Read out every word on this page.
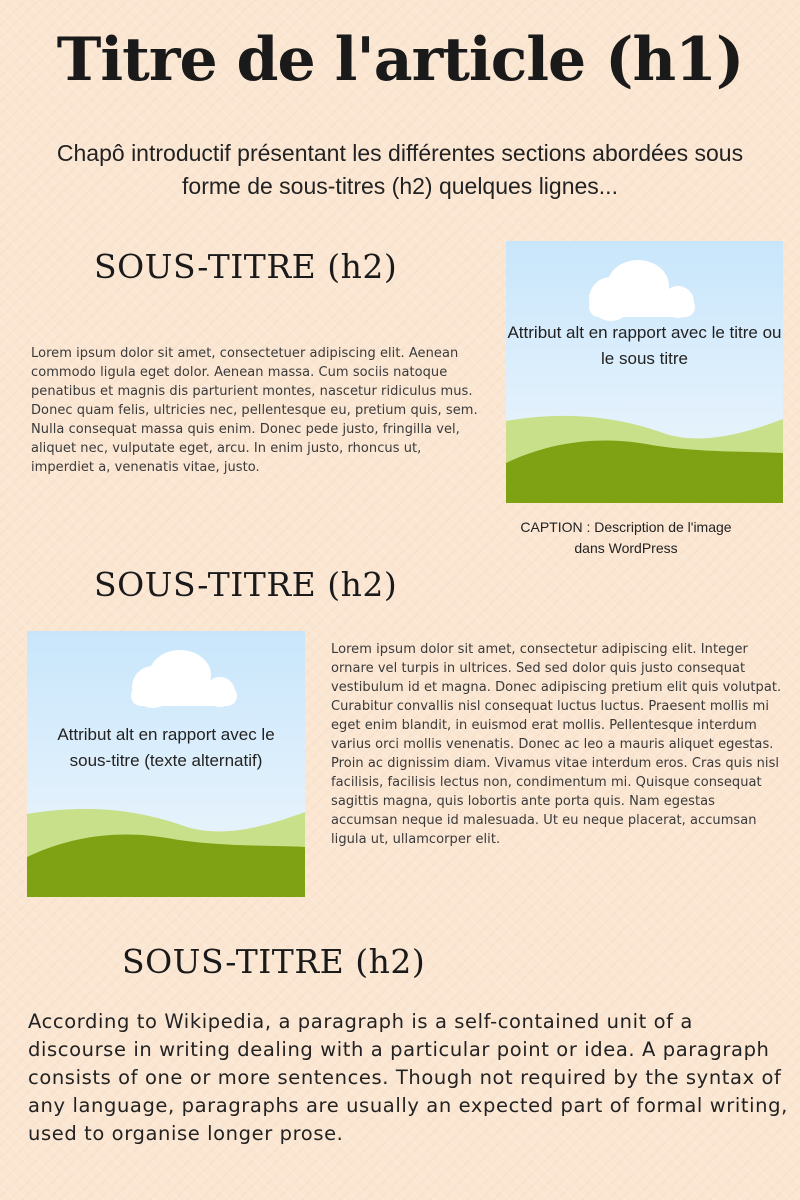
Titre de l'article (h1)

Chapô introductif présentant les différentes sections abordées sous forme de sous-titres (h2) quelques lignes...

SOUS-TITRE (h2)

Lorem ipsum dolor sit amet, consectetuer adipiscing elit. Aenean commodo ligula eget dolor. Aenean massa. Cum sociis natoque penatibus et magnis dis parturient montes, nascetur ridiculus mus. Donec quam felis, ultricies nec, pellentesque eu, pretium quis, sem. Nulla consequat massa quis enim. Donec pede justo, fringilla vel, aliquet nec, vulputate eget, arcu. In enim justo, rhoncus ut, imperdiet a, venenatis vitae, justo.

Attribut alt en rapport avec le titre ou le sous titre

CAPTION : Description de l'image dans WordPress

SOUS-TITRE (h2)
Attribut alt en rapport avec le sous-titre (texte alternatif)

Lorem ipsum dolor sit amet, consectetur adipiscing elit. Integer ornare vel turpis in ultrices. Sed sed dolor quis justo consequat vestibulum id et magna. Donec adipiscing pretium elit quis volutpat. Curabitur convallis nisl consequat luctus luctus. Praesent mollis mi eget enim blandit, in euismod erat mollis. Pellentesque interdum varius orci mollis venenatis. Donec ac leo a mauris aliquet egestas. Proin ac dignissim diam. Vivamus vitae interdum eros. Cras quis nisl facilisis, facilisis lectus non, condimentum mi. Quisque consequat sagittis magna, quis lobortis ante porta quis. Nam egestas accumsan neque id malesuada. Ut eu neque placerat, accumsan ligula ut, ullamcorper elit.

SOUS-TITRE (h2)

According to Wikipedia, a paragraph is a self-contained unit of a discourse in writing dealing with a particular point or idea. A paragraph consists of one or more sentences. Though not required by the syntax of any language, paragraphs are usually an expected part of formal writing, used to organise longer prose.
